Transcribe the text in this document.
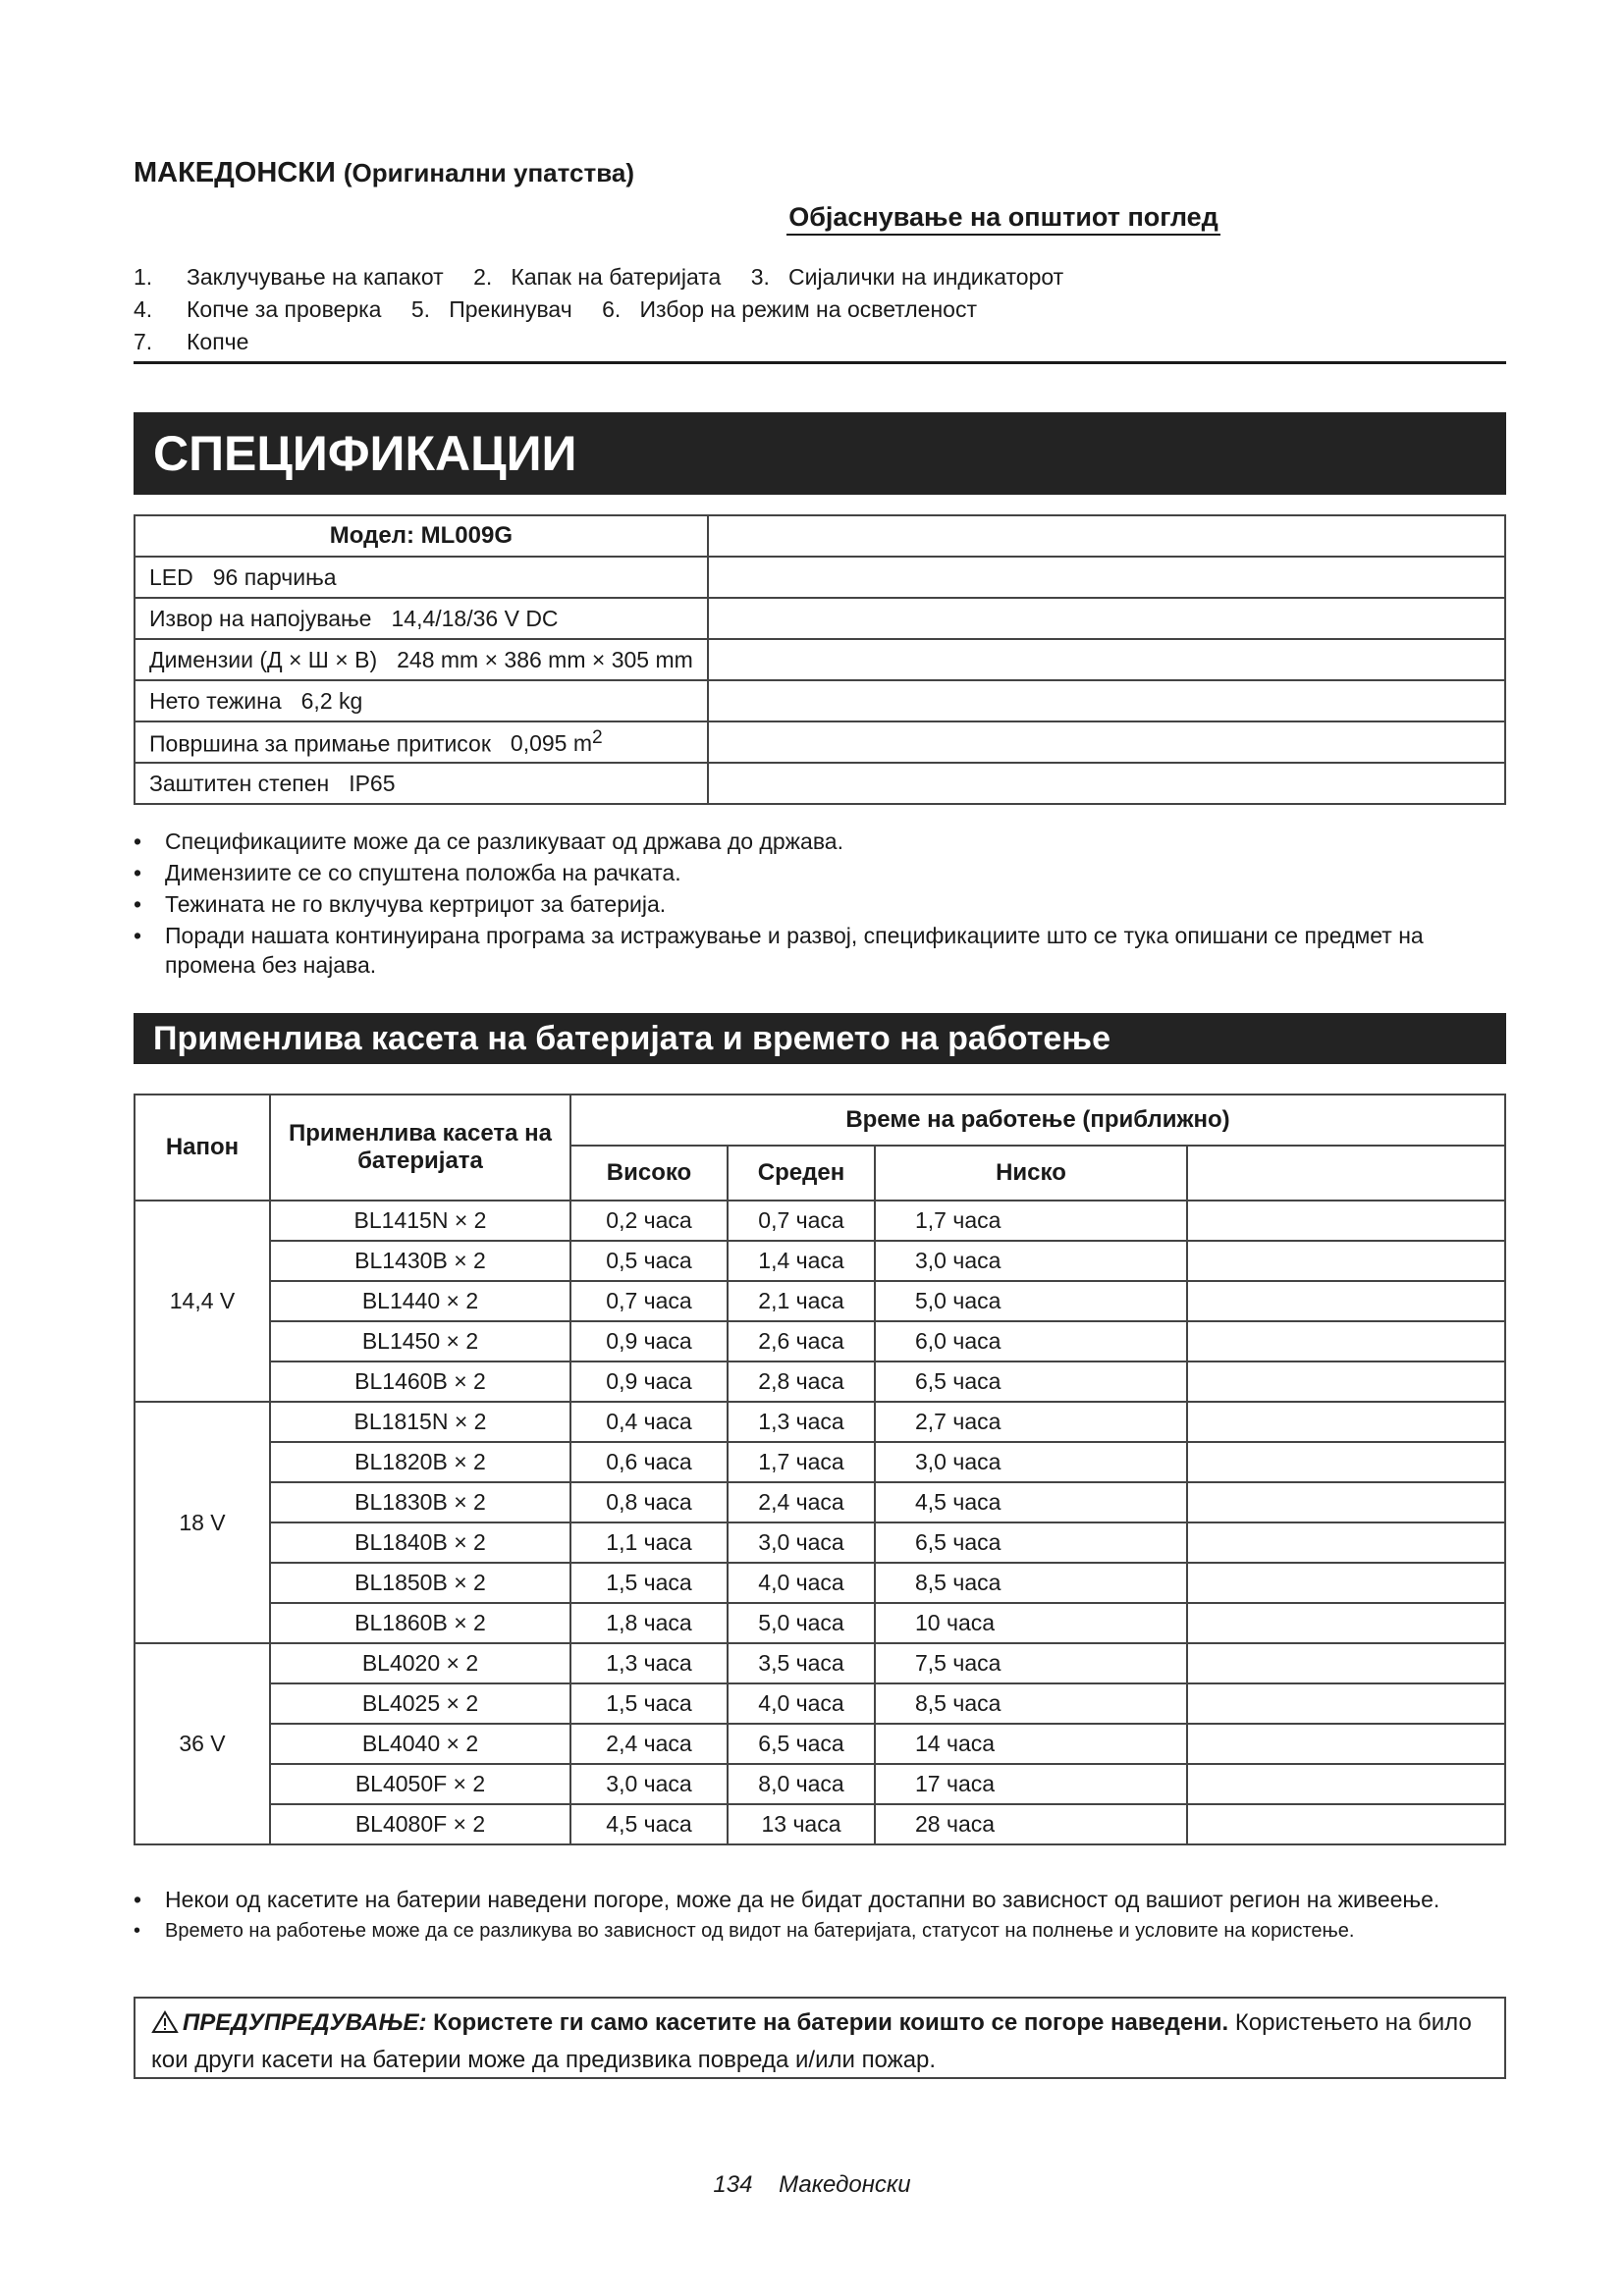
МАКЕДОНСКИ (Оригинални упатства)
Објаснување на општиот поглед
1. Заклучување на капакот 2. Капак на батеријата 3. Сијалички на индикаторот
4. Копче за проверка 5. Прекинувач 6. Избор на режим на осветленост
7. Копче
СПЕЦИФИКАЦИИ
Модел: ML009G	
LED 96 парчиња	
Извор на напојување 14,4/18/36 V DC	
Димензии (Д × Ш × В) 248 mm × 386 mm × 305 mm	
Нето тежина 6,2 kg	
Површина за примање притисок 0,095 $m^2$	
Заштитен степен IP65	
• Спецификациите може да се разликуваат од држава до држава.
• Димензиите се со спуштена положба на рачката.
• Тежината не го вклучува кертриџот за батерија.
• Поради нашата континуирана програма за истражување и развој, спецификациите што се тука опишани се предмет на промена без најава.
Применлива касета на батеријата и времето на работење
Напон	Применлива касета на батеријата	Време на работење (приближно)			
		Високо	Среден	Ниско	
14,4 V	BL1415N × 2	0,2 часа	0,7 часа	1,7 часа	
	BL1430B × 2	0,5 часа	1,4 часа	3,0 часа	
	BL1440 × 2	0,7 часа	2,1 часа	5,0 часа	
	BL1450 × 2	0,9 часа	2,6 часа	6,0 часа	
	BL1460B × 2	0,9 часа	2,8 часа	6,5 часа	
18 V	BL1815N × 2	0,4 часа	1,3 часа	2,7 часа	
	BL1820B × 2	0,6 часа	1,7 часа	3,0 часа	
	BL1830B × 2	0,8 часа	2,4 часа	4,5 часа	
	BL1840B × 2	1,1 часа	3,0 часа	6,5 часа	
	BL1850B × 2	1,5 часа	4,0 часа	8,5 часа	
	BL1860B × 2	1,8 часа	5,0 часа	10 часа	
36 V	BL4020 × 2	1,3 часа	3,5 часа	7,5 часа	
	BL4025 × 2	1,5 часа	4,0 часа	8,5 часа	
	BL4040 × 2	2,4 часа	6,5 часа	14 часа	
	BL4050F × 2	3,0 часа	8,0 часа	17 часа	
	BL4080F × 2	4,5 часа	13 часа	28 часа	
• Некои од касетите на батерии наведени погоре, може да не бидат достапни во зависност од вашиот регион на живеење.
• Времето на работење може да се разликува во зависност од видот на батеријата, статусот на полнење и условите на користење.
ПРЕДУПРЕДУВАЊЕ: Користете ги само касетите на батерии коишто се погоре наведени. Користењето на било кои други касети на батерии може да предизвика повреда и/или пожар.
134 Македонски
